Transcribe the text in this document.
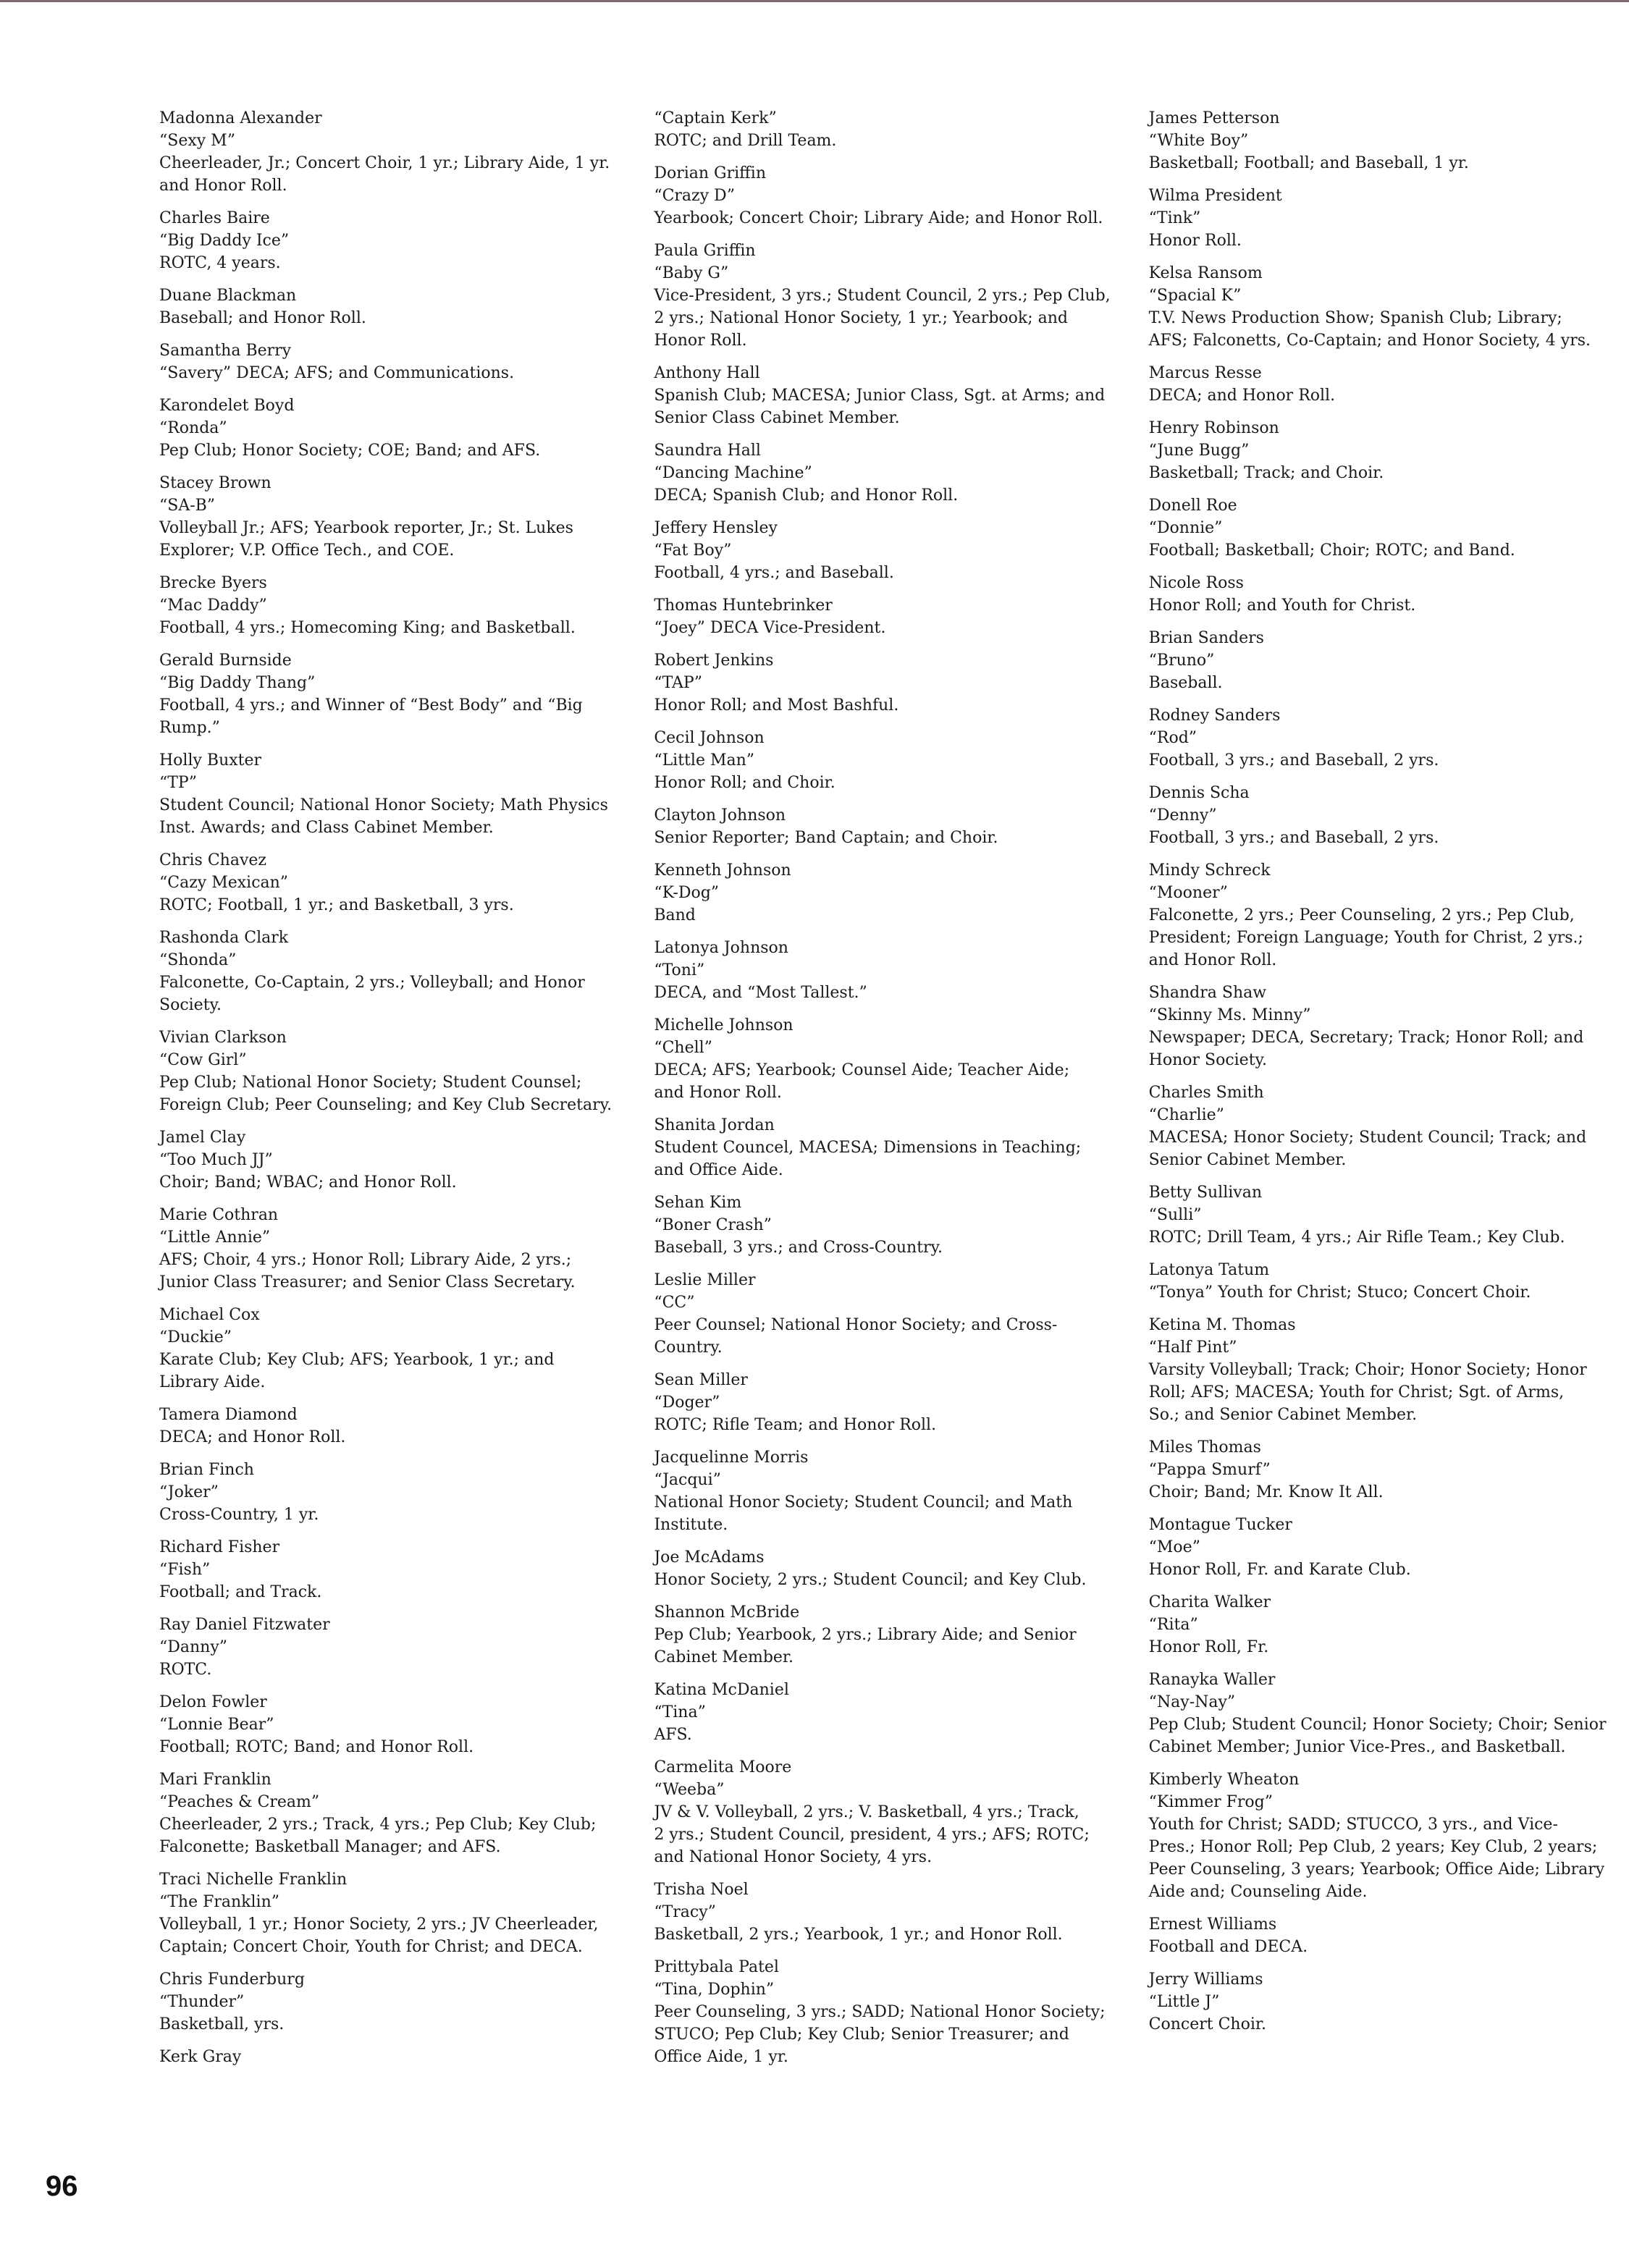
Madonna Alexander
“Sexy M”
Cheerleader, Jr.; Concert Choir, 1 yr.; Library Aide, 1 yr.
and Honor Roll.
Charles Baire
“Big Daddy Ice”
ROTC, 4 years.
Duane Blackman
Baseball; and Honor Roll.
Samantha Berry
“Savery” DECA; AFS; and Communications.
Karondelet Boyd
“Ronda”
Pep Club; Honor Society; COE; Band; and AFS.
Stacey Brown
“SA-B”
Volleyball Jr.; AFS; Yearbook reporter, Jr.; St. Lukes
Explorer; V.P. Office Tech., and COE.
Brecke Byers
“Mac Daddy”
Football, 4 yrs.; Homecoming King; and Basketball.
Gerald Burnside
“Big Daddy Thang”
Football, 4 yrs.; and Winner of “Best Body” and “Big
Rump.”
Holly Buxter
“TP”
Student Council; National Honor Society; Math Physics
Inst. Awards; and Class Cabinet Member.
Chris Chavez
“Cazy Mexican”
ROTC; Football, 1 yr.; and Basketball, 3 yrs.
Rashonda Clark
“Shonda”
Falconette, Co-Captain, 2 yrs.; Volleyball; and Honor
Society.
Vivian Clarkson
“Cow Girl”
Pep Club; National Honor Society; Student Counsel;
Foreign Club; Peer Counseling; and Key Club Secretary.
Jamel Clay
“Too Much JJ”
Choir; Band; WBAC; and Honor Roll.
Marie Cothran
“Little Annie”
AFS; Choir, 4 yrs.; Honor Roll; Library Aide, 2 yrs.;
Junior Class Treasurer; and Senior Class Secretary.
Michael Cox
“Duckie”
Karate Club; Key Club; AFS; Yearbook, 1 yr.; and
Library Aide.
Tamera Diamond
DECA; and Honor Roll.
Brian Finch
“Joker”
Cross-Country, 1 yr.
Richard Fisher
“Fish”
Football; and Track.
Ray Daniel Fitzwater
“Danny”
ROTC.
Delon Fowler
“Lonnie Bear”
Football; ROTC; Band; and Honor Roll.
Mari Franklin
“Peaches & Cream”
Cheerleader, 2 yrs.; Track, 4 yrs.; Pep Club; Key Club;
Falconette; Basketball Manager; and AFS.
Traci Nichelle Franklin
“The Franklin”
Volleyball, 1 yr.; Honor Society, 2 yrs.; JV Cheerleader,
Captain; Concert Choir, Youth for Christ; and DECA.
Chris Funderburg
“Thunder”
Basketball, yrs.
Kerk Gray
“Captain Kerk”
ROTC; and Drill Team.
Dorian Griffin
“Crazy D”
Yearbook; Concert Choir; Library Aide; and Honor Roll.
Paula Griffin
“Baby G”
Vice-President, 3 yrs.; Student Council, 2 yrs.; Pep Club,
2 yrs.; National Honor Society, 1 yr.; Yearbook; and
Honor Roll.
Anthony Hall
Spanish Club; MACESA; Junior Class, Sgt. at Arms; and
Senior Class Cabinet Member.
Saundra Hall
“Dancing Machine”
DECA; Spanish Club; and Honor Roll.
Jeffery Hensley
“Fat Boy”
Football, 4 yrs.; and Baseball.
Thomas Huntebrinker
“Joey” DECA Vice-President.
Robert Jenkins
“TAP”
Honor Roll; and Most Bashful.
Cecil Johnson
“Little Man”
Honor Roll; and Choir.
Clayton Johnson
Senior Reporter; Band Captain; and Choir.
Kenneth Johnson
“K-Dog”
Band
Latonya Johnson
“Toni”
DECA, and “Most Tallest.”
Michelle Johnson
“Chell”
DECA; AFS; Yearbook; Counsel Aide; Teacher Aide;
and Honor Roll.
Shanita Jordan
Student Councel, MACESA; Dimensions in Teaching;
and Office Aide.
Sehan Kim
“Boner Crash”
Baseball, 3 yrs.; and Cross-Country.
Leslie Miller
“CC”
Peer Counsel; National Honor Society; and Cross-Country.
Sean Miller
“Doger”
ROTC; Rifle Team; and Honor Roll.
Jacquelinne Morris
“Jacqui”
National Honor Society; Student Council; and Math
Institute.
Joe McAdams
Honor Society, 2 yrs.; Student Council; and Key Club.
Shannon McBride
Pep Club; Yearbook, 2 yrs.; Library Aide; and Senior
Cabinet Member.
Katina McDaniel
“Tina”
AFS.
Carmelita Moore
“Weeba”
JV & V. Volleyball, 2 yrs.; V. Basketball, 4 yrs.; Track,
2 yrs.; Student Council, president, 4 yrs.; AFS; ROTC;
and National Honor Society, 4 yrs.
Trisha Noel
“Tracy”
Basketball, 2 yrs.; Yearbook, 1 yr.; and Honor Roll.
Prittybala Patel
“Tina, Dophin”
Peer Counseling, 3 yrs.; SADD; National Honor Society;
STUCO; Pep Club; Key Club; Senior Treasurer; and
Office Aide, 1 yr.
James Petterson
“White Boy”
Basketball; Football; and Baseball, 1 yr.
Wilma President
“Tink”
Honor Roll.
Kelsa Ransom
“Spacial K”
T.V. News Production Show; Spanish Club; Library;
AFS; Falconetts, Co-Captain; and Honor Society, 4 yrs.
Marcus Resse
DECA; and Honor Roll.
Henry Robinson
“June Bugg”
Basketball; Track; and Choir.
Donell Roe
“Donnie”
Football; Basketball; Choir; ROTC; and Band.
Nicole Ross
Honor Roll; and Youth for Christ.
Brian Sanders
“Bruno”
Baseball.
Rodney Sanders
“Rod”
Football, 3 yrs.; and Baseball, 2 yrs.
Dennis Scha
“Denny”
Football, 3 yrs.; and Baseball, 2 yrs.
Mindy Schreck
“Mooner”
Falconette, 2 yrs.; Peer Counseling, 2 yrs.; Pep Club,
President; Foreign Language; Youth for Christ, 2 yrs.;
and Honor Roll.
Shandra Shaw
“Skinny Ms. Minny”
Newspaper; DECA, Secretary; Track; Honor Roll; and
Honor Society.
Charles Smith
“Charlie”
MACESA; Honor Society; Student Council; Track; and
Senior Cabinet Member.
Betty Sullivan
“Sulli”
ROTC; Drill Team, 4 yrs.; Air Rifle Team.; Key Club.
Latonya Tatum
“Tonya” Youth for Christ; Stuco; Concert Choir.
Ketina M. Thomas
“Half Pint”
Varsity Volleyball; Track; Choir; Honor Society; Honor
Roll; AFS; MACESA; Youth for Christ; Sgt. of Arms,
So.; and Senior Cabinet Member.
Miles Thomas
“Pappa Smurf”
Choir; Band; Mr. Know It All.
Montague Tucker
“Moe”
Honor Roll, Fr. and Karate Club.
Charita Walker
“Rita”
Honor Roll, Fr.
Ranayka Waller
“Nay-Nay”
Pep Club; Student Council; Honor Society; Choir; Senior
Cabinet Member; Junior Vice-Pres., and Basketball.
Kimberly Wheaton
“Kimmer Frog”
Youth for Christ; SADD; STUCCO, 3 yrs., and Vice-
Pres.; Honor Roll; Pep Club, 2 years; Key Club, 2 years;
Peer Counseling, 3 years; Yearbook; Office Aide; Library
Aide and; Counseling Aide.
Ernest Williams
Football and DECA.
Jerry Williams
“Little J”
Concert Choir.
96
